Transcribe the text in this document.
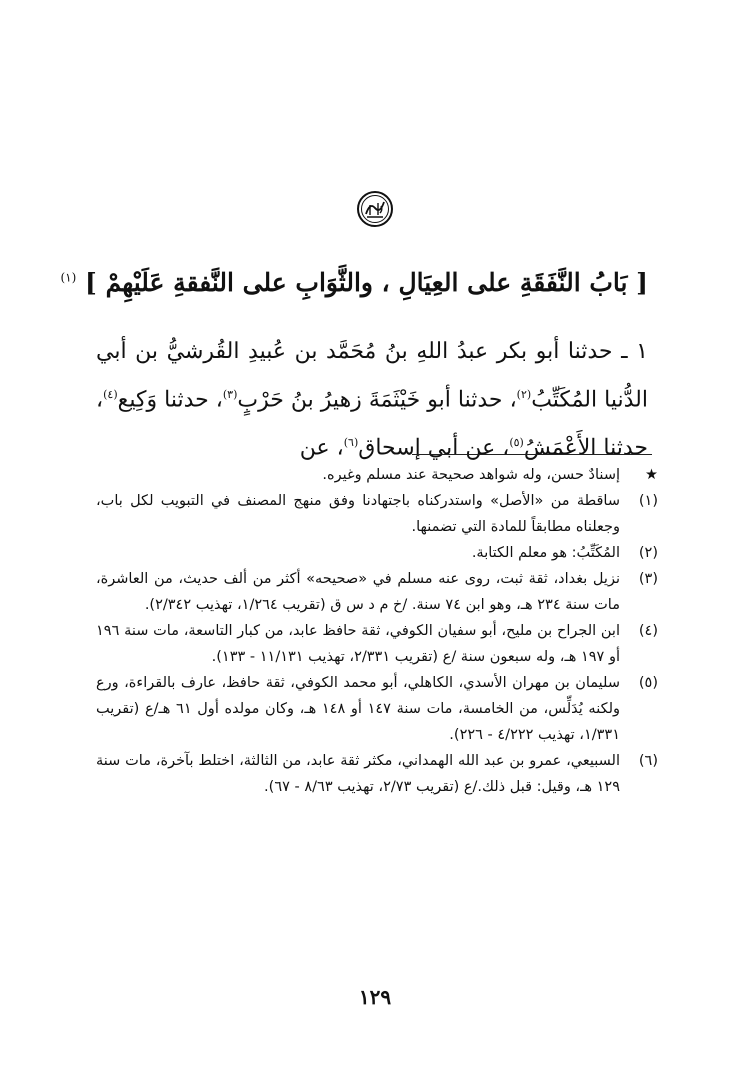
[ بَابُ النَّفَقَةِ على العِيَالِ ، والثَّوَابِ على النَّفقةِ عَلَيْهِمْ ] $^{(١)}$
١ ـ حدثنا أبو بكر عبدُ اللهِ بنُ مُحَمَّد بن عُبيدِ القُرشيُّ بن أبي الدُّنيا المُكَتِّبُ$^{(٢)}$، حدثنا أبو خَيْثَمَةَ زهيرُ بنُ حَرْبٍ$^{(٣)}$، حدثنا وَكِيع$^{(٤)}$، حدثنا الأَعْمَشُ$^{(٥)}$، عن أبي إسحاق$^{(٦)}$، عن
★
إسنادٌ حسن، وله شواهد صحيحة عند مسلم وغيره.
(١)
ساقطة من «الأصل» واستدركناه باجتهادنا وفق منهج المصنف في التبويب لكل باب، وجعلناه مطابقاً للمادة التي تضمنها.
(٢)
المُكَتِّبُ: هو معلم الكتابة.
(٣)
نزيل بغداد، ثقة ثبت، روى عنه مسلم في «صحيحه» أكثر من ألف حديث، من العاشرة، مات سنة ٢٣٤ هـ، وهو ابن ٧٤ سنة. /خ م د س ق (تقريب ١/٢٦٤، تهذيب ٢/٣٤٢).
(٤)
ابن الجراح بن مليح، أبو سفيان الكوفي، ثقة حافظ عابد، من كبار التاسعة، مات سنة ١٩٦ أو ١٩٧ هـ، وله سبعون سنة /ع (تقريب ٢/٣٣١، تهذيب ١١/١٣١ - ١٣٣).
(٥)
سليمان بن مهران الأسدي، الكاهلي، أبو محمد الكوفي، ثقة حافظ، عارف بالقراءة، ورع ولكنه يُدَلِّس، من الخامسة، مات سنة ١٤٧ أو ١٤٨ هـ، وكان مولده أول ٦١ هـ/ع (تقريب ١/٣٣١، تهذيب ٤/٢٢٢ - ٢٢٦).
(٦)
السبيعي، عمرو بن عبد الله الهمداني، مكثر ثقة عابد، من الثالثة، اختلط بآخرة، مات سنة ١٢٩ هـ، وقيل: قبل ذلك./ع (تقريب ٢/٧٣، تهذيب ٨/٦٣ - ٦٧).
١٢٩
